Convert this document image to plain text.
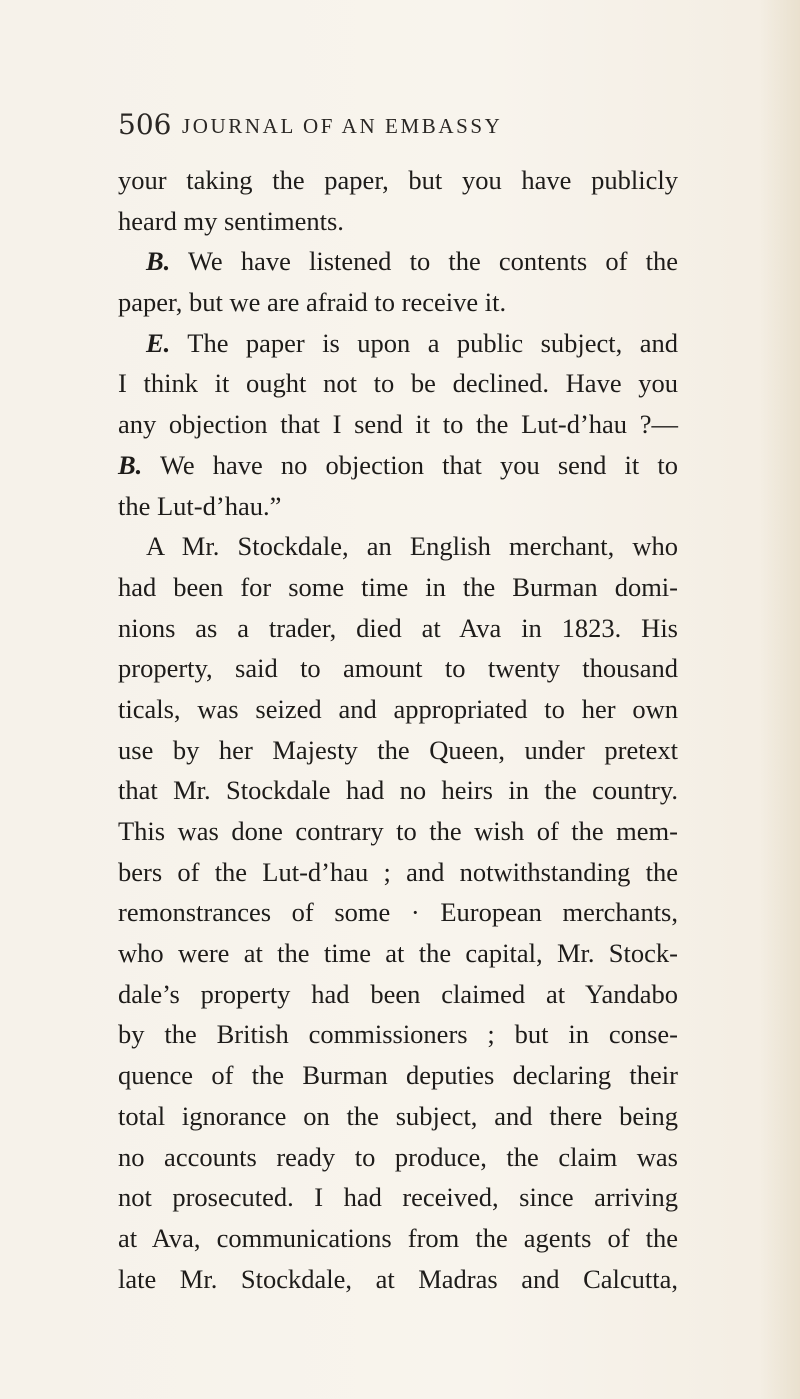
506 JOURNAL OF AN EMBASSY
your taking the paper, but you have publicly
heard my sentiments.
B. We have listened to the contents of the
paper, but we are afraid to receive it.
E. The paper is upon a public subject, and
I think it ought not to be declined. Have you
any objection that I send it to the Lut-d’hau ?—
B. We have no objection that you send it to
the Lut-d’hau.”
A Mr. Stockdale, an English merchant, who
had been for some time in the Burman domi-
nions as a trader, died at Ava in 1823. His
property, said to amount to twenty thousand
ticals, was seized and appropriated to her own
use by her Majesty the Queen, under pretext
that Mr. Stockdale had no heirs in the country.
This was done contrary to the wish of the mem-
bers of the Lut-d’hau ; and notwithstanding the
remonstrances of some · European merchants,
who were at the time at the capital, Mr. Stock-
dale’s property had been claimed at Yandabo
by the British commissioners ; but in conse-
quence of the Burman deputies declaring their
total ignorance on the subject, and there being
no accounts ready to produce, the claim was
not prosecuted. I had received, since arriving
at Ava, communications from the agents of the
late Mr. Stockdale, at Madras and Calcutta,
